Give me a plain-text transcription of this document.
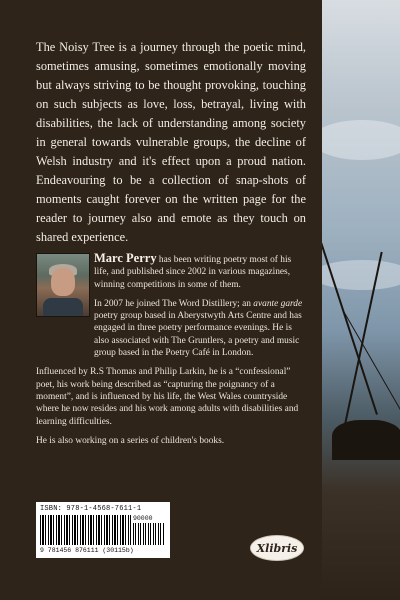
The Noisy Tree is a journey through the poetic mind, sometimes amusing, sometimes emotionally moving but always striving to be thought provoking, touching on such subjects as love, loss, betrayal, living with disabilities, the lack of understanding among society in general towards vulnerable groups, the decline of Welsh industry and it's effect upon a proud nation. Endeavouring to be a collection of snap-shots of moments caught forever on the written page for the reader to journey also and emote as they touch on shared experience.

Marc Perry has been writing poetry most of his life, and published since 2002 in various magazines, winning competitions in some of them.

In 2007 he joined The Word Distillery; an avante garde poetry group based in Aberystwyth Arts Centre and has engaged in three poetry performance evenings. He is also associated with The Gruntlers, a poetry and music group based in the Poetry Café in London.

Influenced by R.S Thomas and Philip Larkin, he is a “confessional” poet, his work being described as “capturing the poignancy of a moment”, and is influenced by his life, the West Wales countryside where he now resides and his work among adults with disabilities and learning difficulties.

He is also working on a series of children's books.

ISBN: 978-1-4568-7611-1
90000
9 781456 876111 (30115b)	Xlibris
